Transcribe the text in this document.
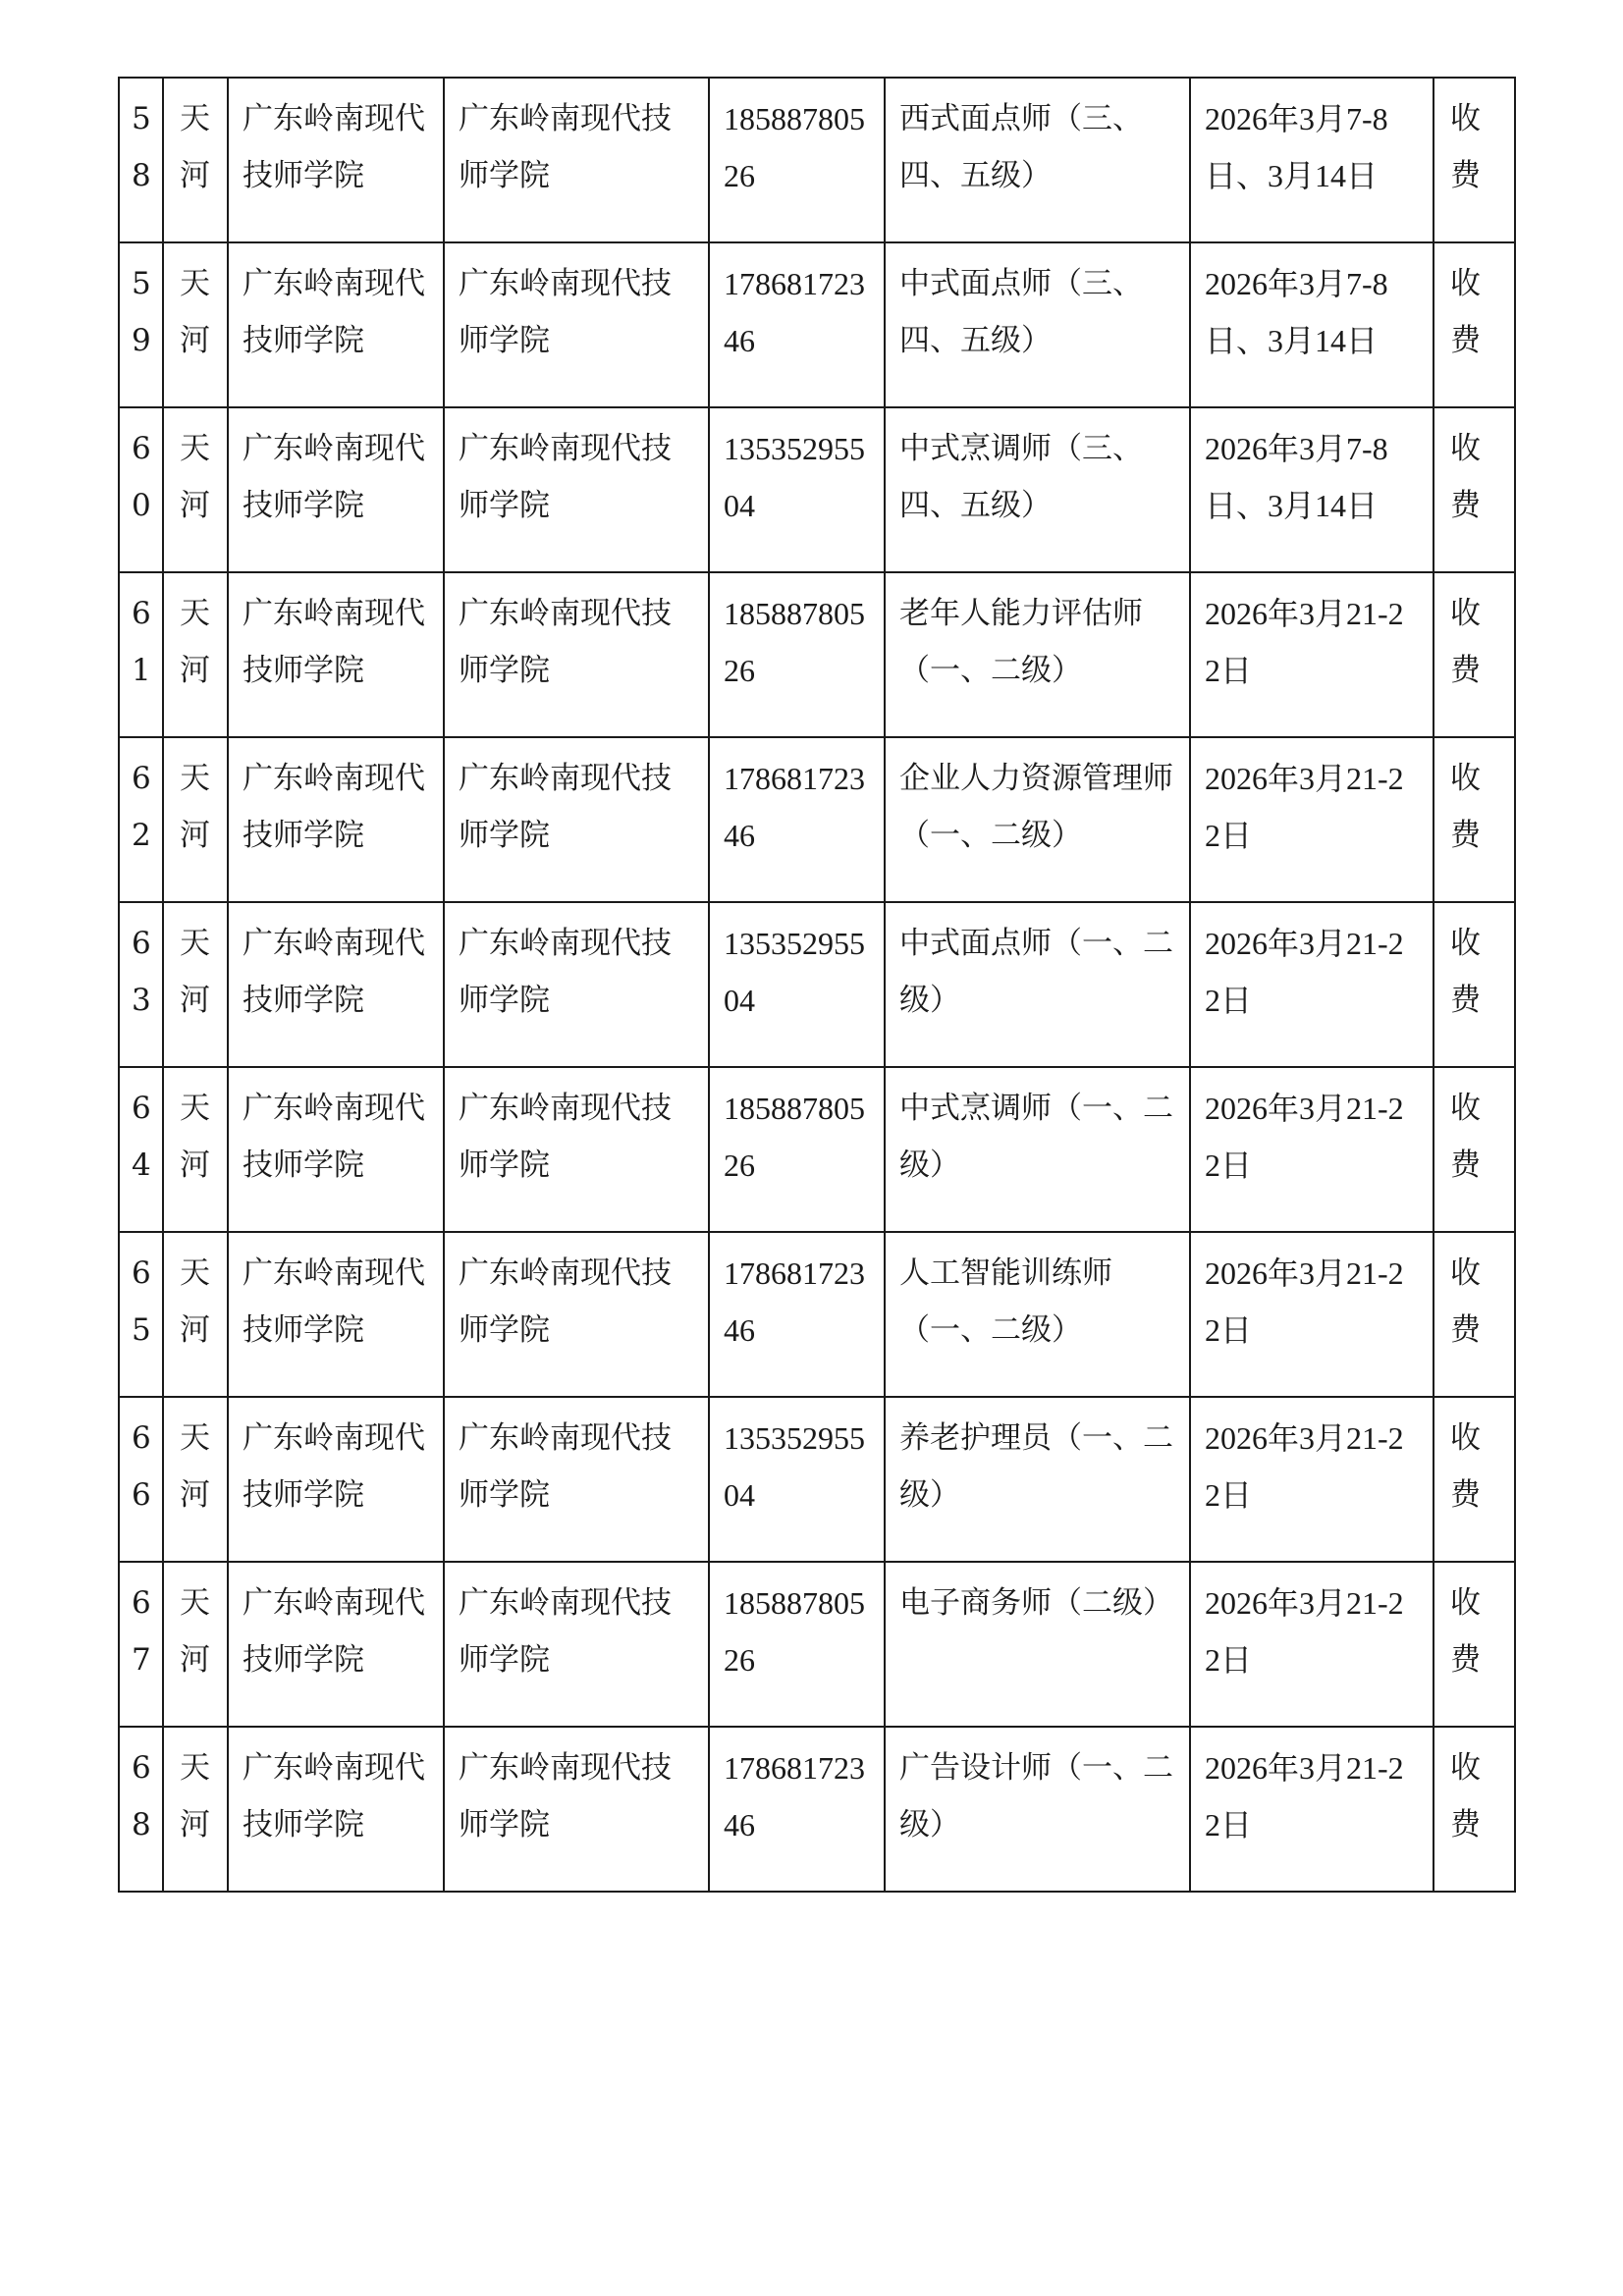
58	天河	广东岭南现代技师学院	广东岭南现代技师学院	18588780526	西式面点师（三、四、五级）	2026年3月7-8日、3月14日	收费
59	天河	广东岭南现代技师学院	广东岭南现代技师学院	17868172346	中式面点师（三、四、五级）	2026年3月7-8日、3月14日	收费
60	天河	广东岭南现代技师学院	广东岭南现代技师学院	13535295504	中式烹调师（三、四、五级）	2026年3月7-8日、3月14日	收费
61	天河	广东岭南现代技师学院	广东岭南现代技师学院	18588780526	老年人能力评估师（一、二级）	2026年3月21-22日	收费
62	天河	广东岭南现代技师学院	广东岭南现代技师学院	17868172346	企业人力资源管理师（一、二级）	2026年3月21-22日	收费
63	天河	广东岭南现代技师学院	广东岭南现代技师学院	13535295504	中式面点师（一、二级）	2026年3月21-22日	收费
64	天河	广东岭南现代技师学院	广东岭南现代技师学院	18588780526	中式烹调师（一、二级）	2026年3月21-22日	收费
65	天河	广东岭南现代技师学院	广东岭南现代技师学院	17868172346	人工智能训练师（一、二级）	2026年3月21-22日	收费
66	天河	广东岭南现代技师学院	广东岭南现代技师学院	13535295504	养老护理员（一、二级）	2026年3月21-22日	收费
67	天河	广东岭南现代技师学院	广东岭南现代技师学院	18588780526	电子商务师（二级）	2026年3月21-22日	收费
68	天河	广东岭南现代技师学院	广东岭南现代技师学院	17868172346	广告设计师（一、二级）	2026年3月21-22日	收费
